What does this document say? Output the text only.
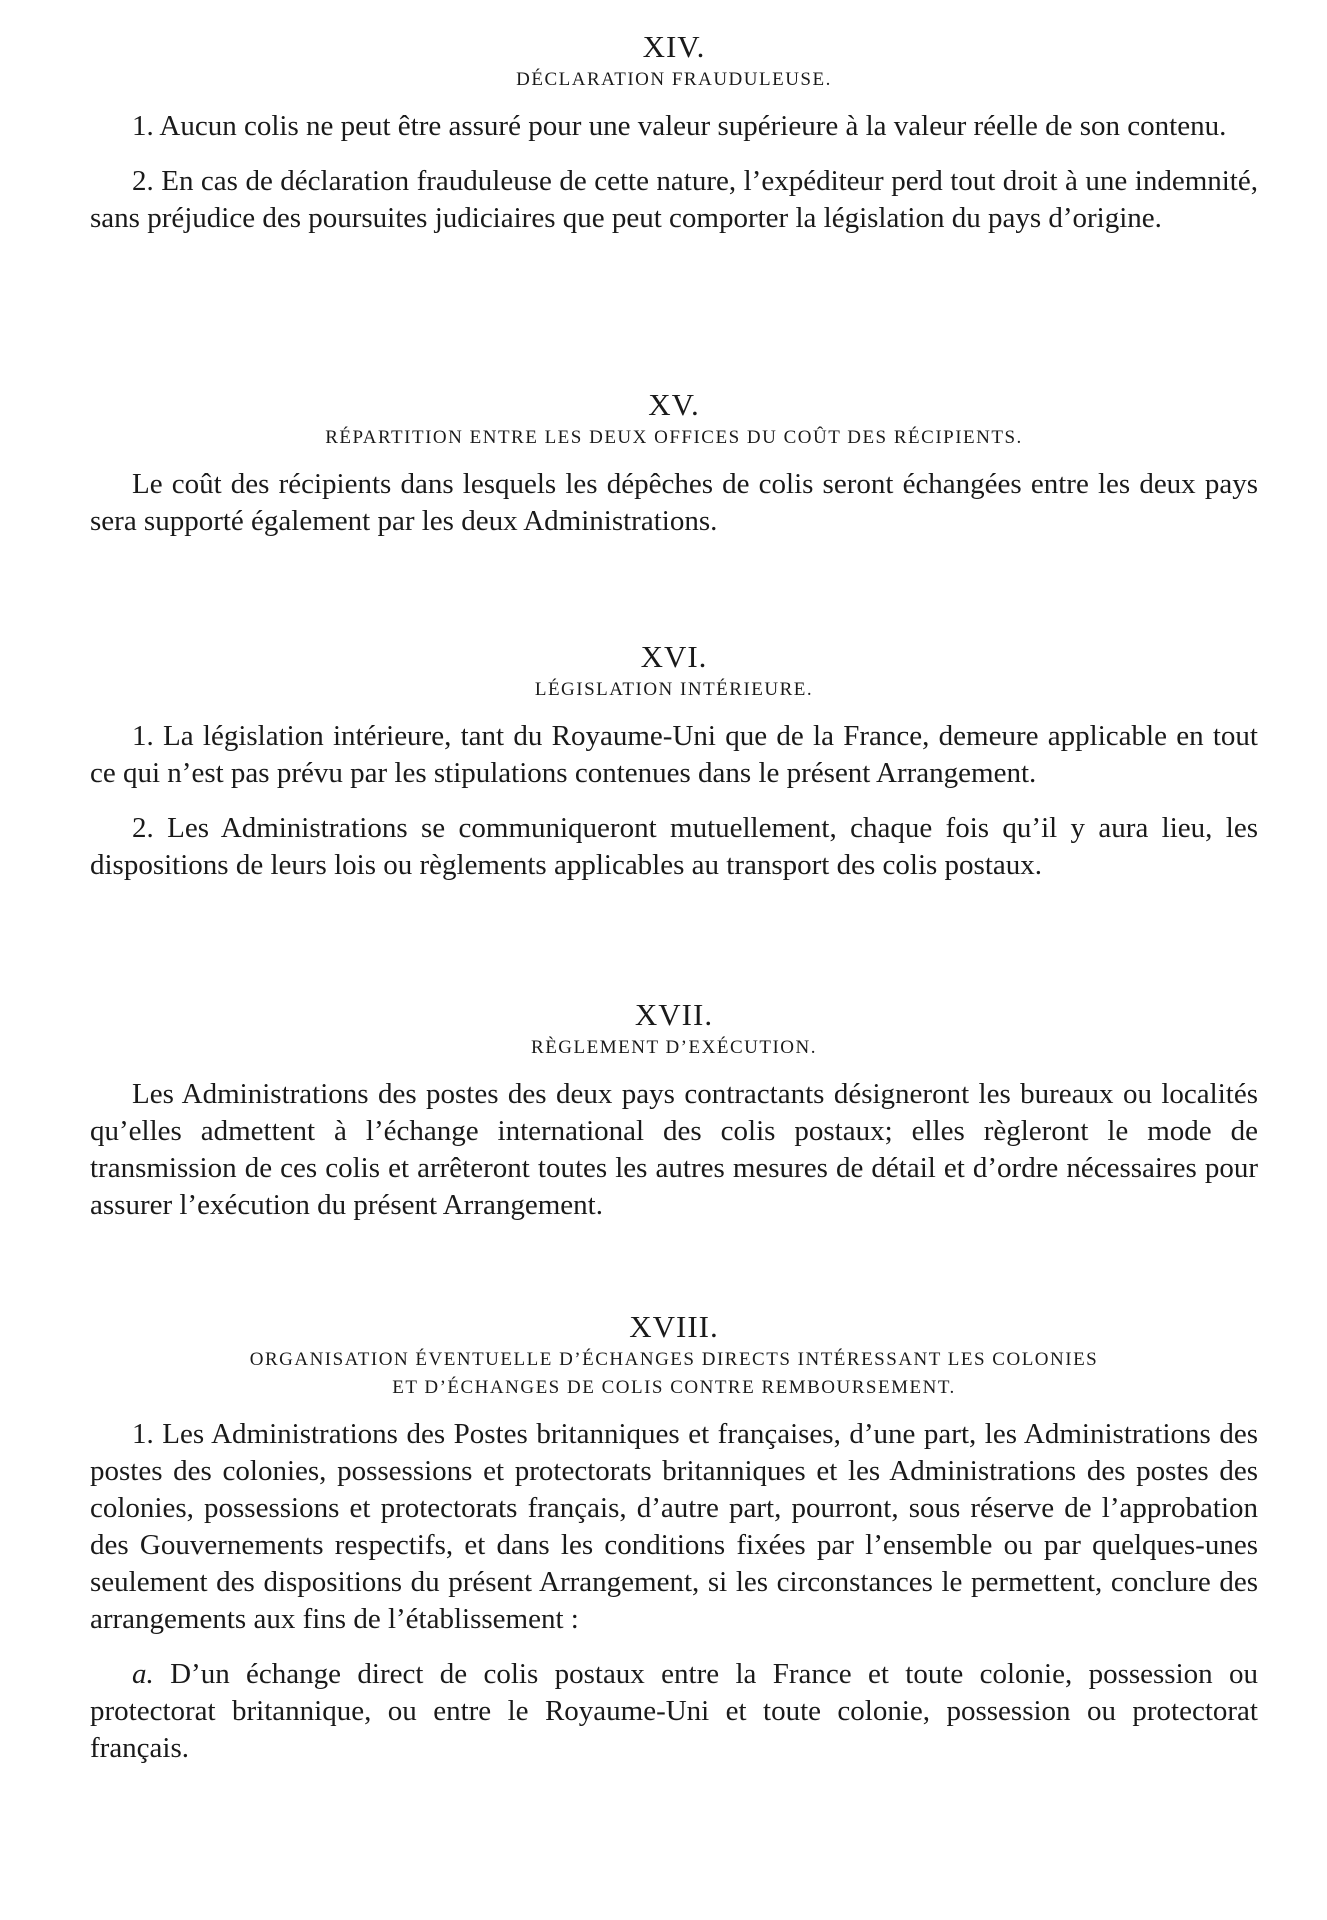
XIV.

DÉCLARATION FRAUDULEUSE.

1. Aucun colis ne peut être assuré pour une valeur supérieure à la valeur réelle de son contenu.

2. En cas de déclaration frauduleuse de cette nature, l’expéditeur perd tout droit à une indemnité, sans préjudice des poursuites judiciaires que peut comporter la législation du pays d’origine.

XV.

RÉPARTITION ENTRE LES DEUX OFFICES DU COÛT DES RÉCIPIENTS.

Le coût des récipients dans lesquels les dépêches de colis seront échangées entre les deux pays sera supporté également par les deux Administrations.

XVI.

LÉGISLATION INTÉRIEURE.

1. La législation intérieure, tant du Royaume-Uni que de la France, demeure applicable en tout ce qui n’est pas prévu par les stipulations contenues dans le présent Arrangement.

2. Les Administrations se communiqueront mutuellement, chaque fois qu’il y aura lieu, les dispositions de leurs lois ou règlements applicables au transport des colis postaux.

XVII.

RÈGLEMENT D’EXÉCUTION.

Les Administrations des postes des deux pays contractants désigneront les bureaux ou localités qu’elles admettent à l’échange international des colis postaux; elles règleront le mode de transmission de ces colis et arrêteront toutes les autres mesures de détail et d’ordre nécessaires pour assurer l’exécution du présent Arrangement.

XVIII.

ORGANISATION ÉVENTUELLE D’ÉCHANGES DIRECTS INTÉRESSANT LES COLONIES

ET D’ÉCHANGES DE COLIS CONTRE REMBOURSEMENT.

1. Les Administrations des Postes britanniques et françaises, d’une part, les Administrations des postes des colonies, possessions et protectorats britanniques et les Administrations des postes des colonies, possessions et protectorats français, d’autre part, pourront, sous réserve de l’approbation des Gouvernements respectifs, et dans les conditions fixées par l’ensemble ou par quelques-unes seulement des dispositions du présent Arrangement, si les circonstances le permettent, conclure des arrangements aux fins de l’établissement :

a. D’un échange direct de colis postaux entre la France et toute colonie, possession ou protectorat britannique, ou entre le Royaume-Uni et toute colonie, possession ou protectorat français.
